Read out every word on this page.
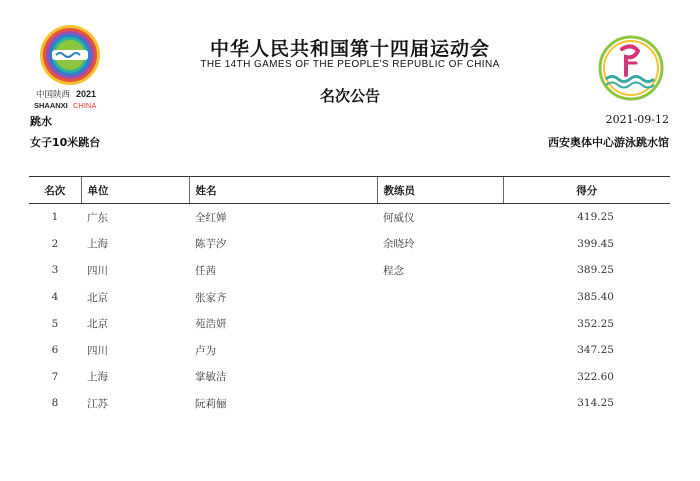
中国陕西 2021
SHAANXI CHINA
中华人民共和国第十四届运动会
THE 14TH GAMES OF THE PEOPLE'S REPUBLIC OF CHINA
名次公告
跳水
女子10米跳台
2021-09-12
西安奥体中心游泳跳水馆
名次	单位	姓名	教练员	得分
1	广东	全红婵	何威仪	419.25
2	上海	陈芋汐	余晓玲	399.45
3	四川	任茜	程念	389.25
4	北京	张家齐		385.40
5	北京	苑浩妍		352.25
6	四川	卢为		347.25
7	上海	掌敏洁		322.60
8	江苏	阮莉俪		314.25
